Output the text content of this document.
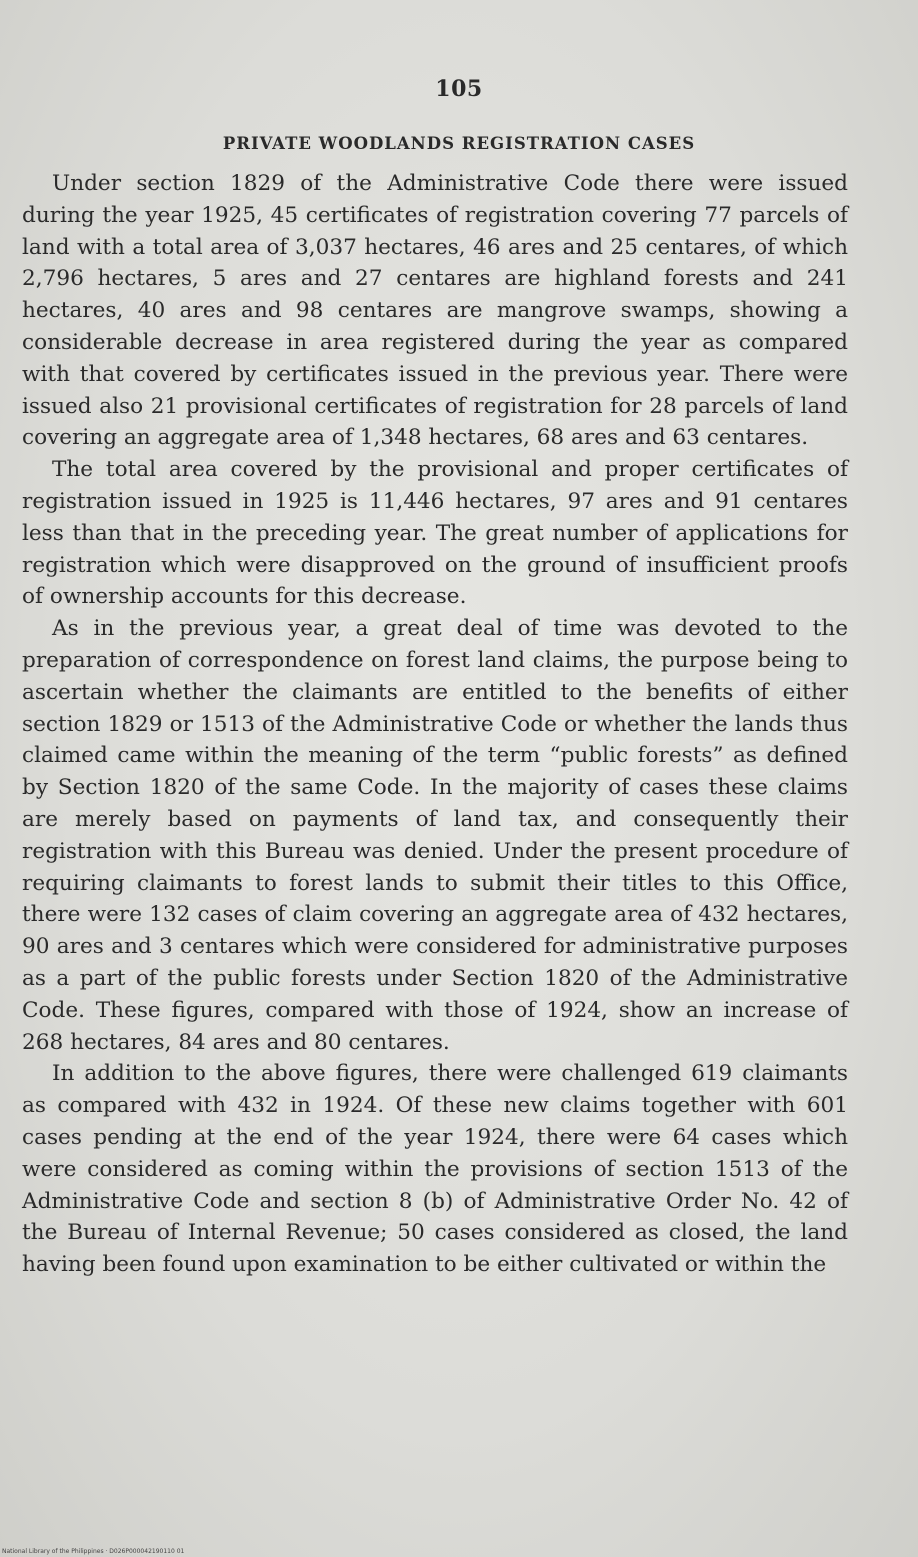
105
PRIVATE WOODLANDS REGISTRATION CASES

Under section 1829 of the Administrative Code there were issued during the year 1925, 45 certificates of registration covering 77 parcels of land with a total area of 3,037 hectares, 46 ares and 25 centares, of which 2,796 hectares, 5 ares and 27 centares are highland forests and 241 hectares, 40 ares and 98 centares are mangrove swamps, showing a considerable decrease in area registered during the year as compared with that covered by certificates issued in the previous year. There were issued also 21 provisional certificates of registration for 28 parcels of land covering an aggregate area of 1,348 hectares, 68 ares and 63 centares.

The total area covered by the provisional and proper certificates of registration issued in 1925 is 11,446 hectares, 97 ares and 91 centares less than that in the preceding year. The great number of applications for registration which were disapproved on the ground of insufficient proofs of ownership accounts for this decrease.

As in the previous year, a great deal of time was devoted to the preparation of correspondence on forest land claims, the purpose being to ascertain whether the claimants are entitled to the benefits of either section 1829 or 1513 of the Administrative Code or whether the lands thus claimed came within the meaning of the term “public forests” as defined by Section 1820 of the same Code. In the majority of cases these claims are merely based on payments of land tax, and consequently their registration with this Bureau was denied. Under the present procedure of requiring claimants to forest lands to submit their titles to this Office, there were 132 cases of claim covering an aggregate area of 432 hectares, 90 ares and 3 centares which were considered for administrative purposes as a part of the public forests under Section 1820 of the Administrative Code. These figures, compared with those of 1924, show an increase of 268 hectares, 84 ares and 80 centares.

In addition to the above figures, there were challenged 619 claimants as compared with 432 in 1924. Of these new claims together with 601 cases pending at the end of the year 1924, there were 64 cases which were considered as coming within the provisions of section 1513 of the Administrative Code and section 8 (b) of Administrative Order No. 42 of the Bureau of Internal Revenue; 50 cases considered as closed, the land having been found upon examination to be either cultivated or within the

National Library of the Philippines · D026P000042190110 01
